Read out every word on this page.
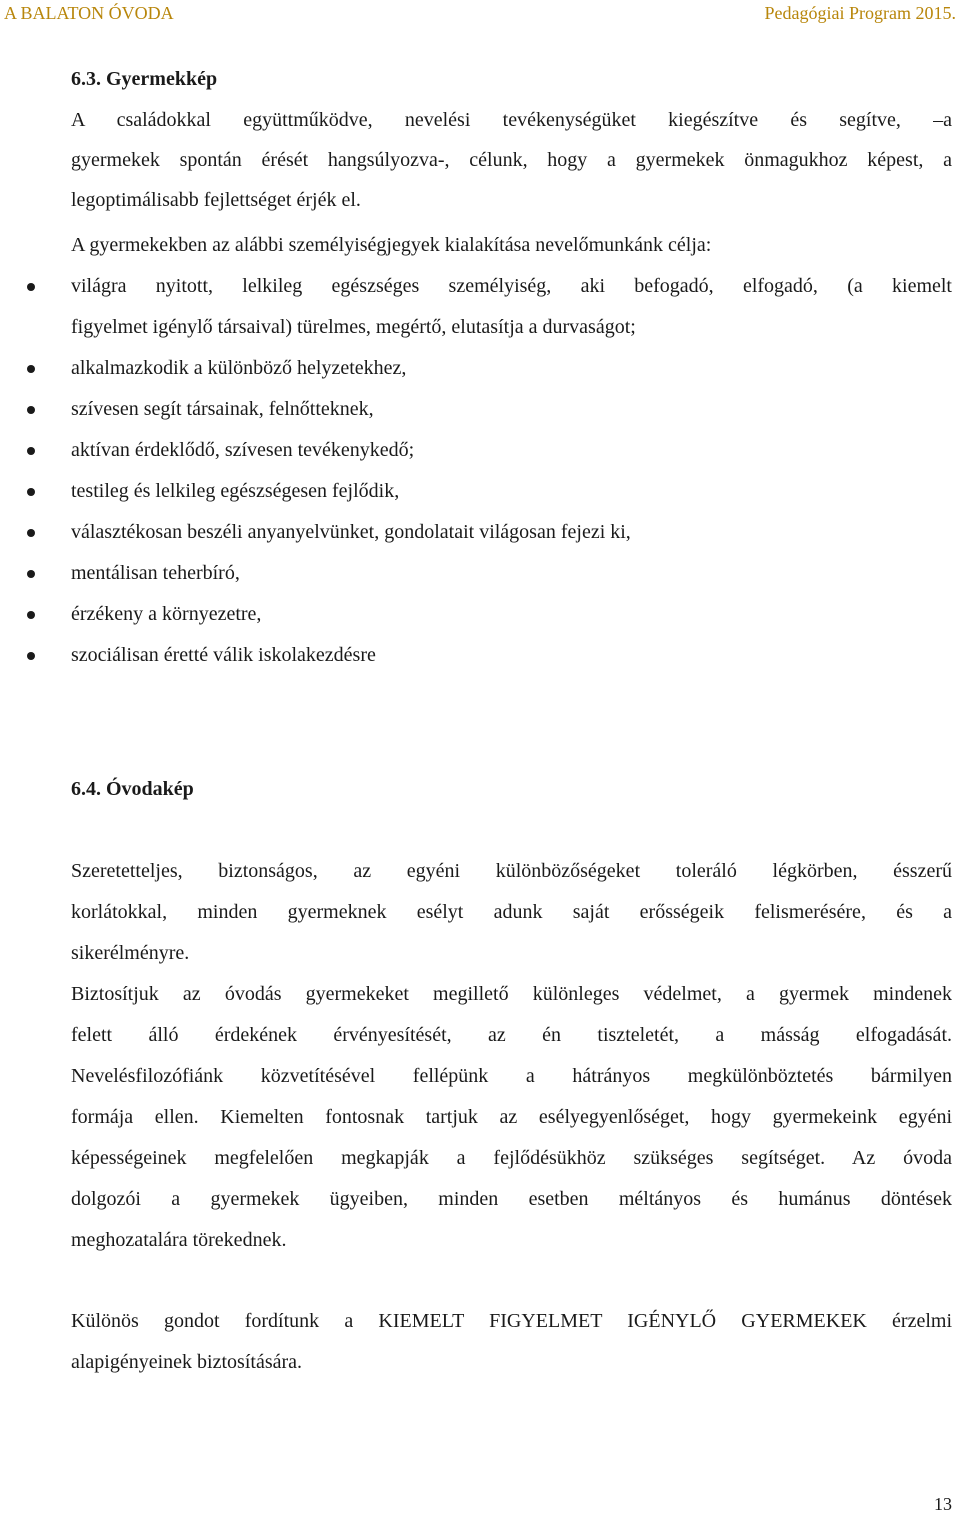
A BALATON ÓVODA	Pedagógiai Program 2015.
6.3. Gyermekkép
A családokkal együttműködve, nevelési tevékenységüket kiegészítve és segítve, –a
gyermekek spontán érését hangsúlyozva-, célunk, hogy a gyermekek önmagukhoz képest, a
legoptimálisabb fejlettséget érjék el.
A gyermekekben az alábbi személyiségjegyek kialakítása nevelőmunkánk célja:
világra nyitott, lelkileg egészséges személyiség, aki befogadó, elfogadó, (a kiemelt
figyelmet igénylő társaival) türelmes, megértő, elutasítja a durvaságot;
alkalmazkodik a különböző helyzetekhez,
szívesen segít társainak, felnőtteknek,
aktívan érdeklődő, szívesen tevékenykedő;
testileg és lelkileg egészségesen fejlődik,
választékosan beszéli anyanyelvünket, gondolatait világosan fejezi ki,
mentálisan teherbíró,
érzékeny a környezetre,
szociálisan éretté válik iskolakezdésre
6.4. Óvodakép
Szeretetteljes, biztonságos, az egyéni különbözőségeket toleráló légkörben, ésszerű
korlátokkal, minden gyermeknek esélyt adunk saját erősségeik felismerésére, és a
sikerélményre.
Biztosítjuk az óvodás gyermekeket megillető különleges védelmet, a gyermek mindenek
felett álló érdekének érvényesítését, az én tiszteletét, a másság elfogadását.
Nevelésfilozófiánk közvetítésével fellépünk a hátrányos megkülönböztetés bármilyen
formája ellen. Kiemelten fontosnak tartjuk az esélyegyenlőséget, hogy gyermekeink egyéni
képességeinek megfelelően megkapják a fejlődésükhöz szükséges segítséget. Az óvoda
dolgozói a gyermekek ügyeiben, minden esetben méltányos és humánus döntések
meghozatalára törekednek.
Különös gondot fordítunk a KIEMELT FIGYELMET IGÉNYLŐ GYERMEKEK érzelmi
alapigényeinek biztosítására.
13
